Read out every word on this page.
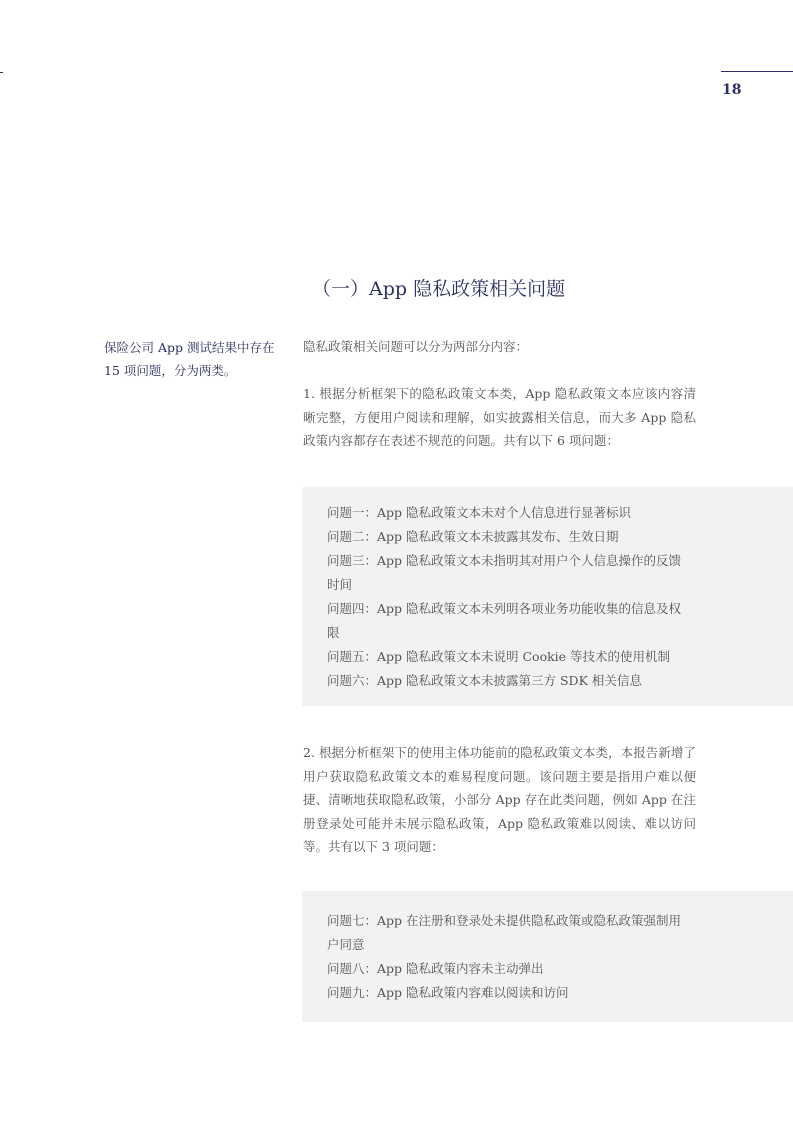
18
（一）App 隐私政策相关问题
保险公司 App 测试结果中存在 15 项问题，分为两类。
隐私政策相关问题可以分为两部分内容：
1. 根据分析框架下的隐私政策文本类，App 隐私政策文本应该内容清晰完整，方便用户阅读和理解，如实披露相关信息，而大多 App 隐私政策内容都存在表述不规范的问题。共有以下 6 项问题：
问题一：App 隐私政策文本未对个人信息进行显著标识
问题二：App 隐私政策文本未披露其发布、生效日期
问题三：App 隐私政策文本未指明其对用户个人信息操作的反馈时间
问题四：App 隐私政策文本未列明各项业务功能收集的信息及权限
问题五：App 隐私政策文本未说明 Cookie 等技术的使用机制
问题六：App 隐私政策文本未披露第三方 SDK 相关信息
2. 根据分析框架下的使用主体功能前的隐私政策文本类，本报告新增了用户获取隐私政策文本的难易程度问题。该问题主要是指用户难以便捷、清晰地获取隐私政策，小部分 App 存在此类问题，例如 App 在注册登录处可能并未展示隐私政策，App 隐私政策难以阅读、难以访问等。共有以下 3 项问题：
问题七：App 在注册和登录处未提供隐私政策或隐私政策强制用户同意
问题八：App 隐私政策内容未主动弹出
问题九：App 隐私政策内容难以阅读和访问
